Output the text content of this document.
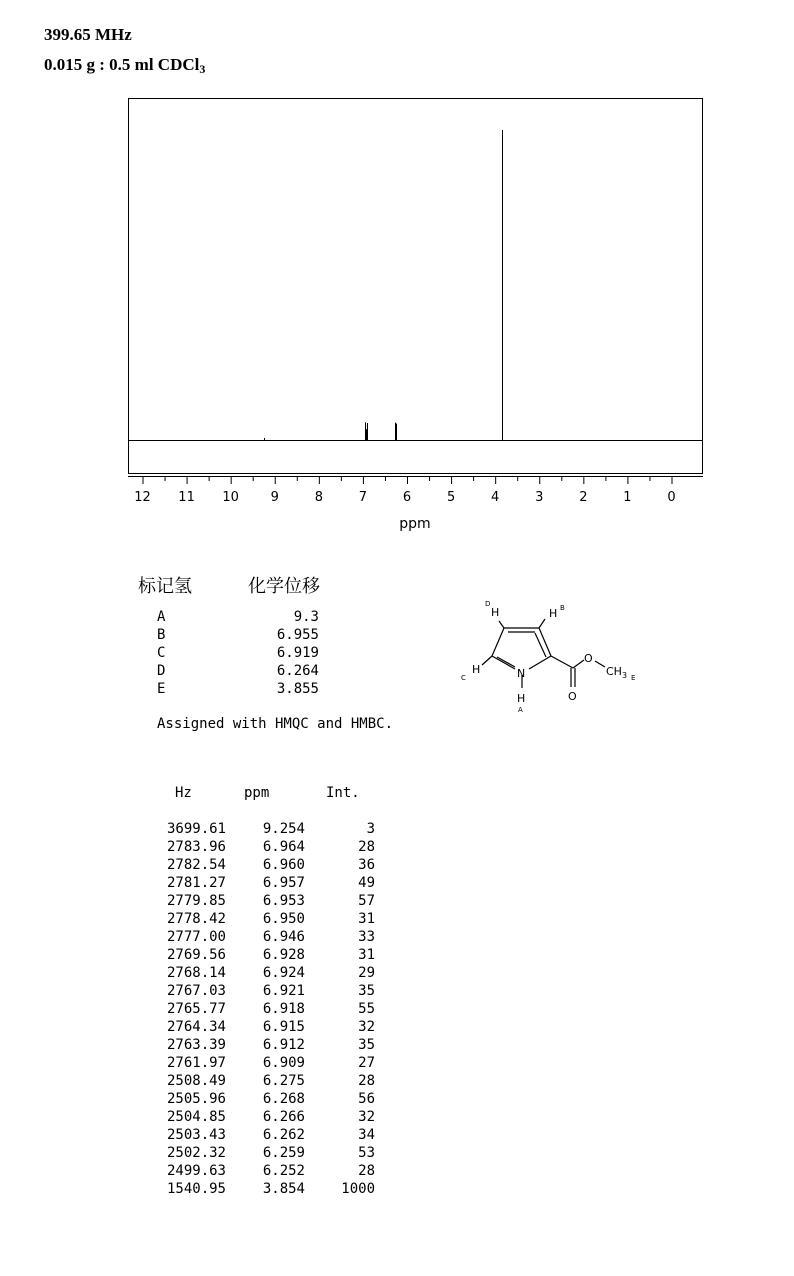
399.65 MHz
0.015 g : 0.5 ml CDCl$_3$
12 11 10 9	8	7	6	5	4	3	2	1	0
ppm
标记氢	化学位移
A	9.3
B	6.955
C	6.919
D	6.264
E	3.855
Assigned with HMQC and HMBC.
H	H
H	N
H
O
O
$CH_3$
D	B
C
A
E
Hz	ppm	Int.
3699.61	9.254	3
2783.96	6.964	28
2782.54	6.960	36
2781.27	6.957	49
2779.85	6.953	57
2778.42	6.950	31
2777.00	6.946	33
2769.56	6.928	31
2768.14	6.924	29
2767.03	6.921	35
2765.77	6.918	55
2764.34	6.915	32
2763.39	6.912	35
2761.97	6.909	27
2508.49	6.275	28
2505.96	6.268	56
2504.85	6.266	32
2503.43	6.262	34
2502.32	6.259	53
2499.63	6.252	28
1540.95	3.854	1000
